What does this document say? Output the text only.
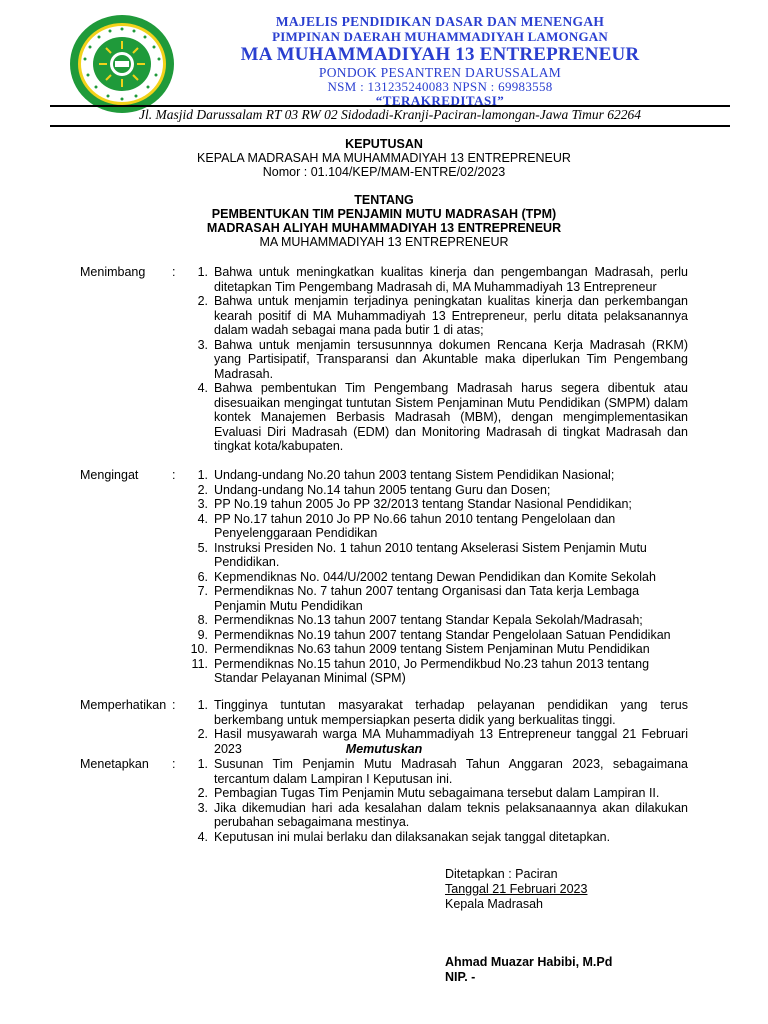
MAJELIS PENDIDIKAN DASAR DAN MENENGAH
PIMPINAN DAERAH MUHAMMADIYAH LAMONGAN
MA MUHAMMADIYAH 13 ENTREPRENEUR
PONDOK PESANTREN DARUSSALAM
NSM : 131235240083 NPSN : 69983558
“TERAKREDITASI”
Jl. Masjid Darussalam RT 03 RW 02 Sidodadi-Kranji-Paciran-lamongan-Jawa Timur 62264
KEPUTUSAN
KEPALA MADRASAH MA MUHAMMADIYAH 13 ENTREPRENEUR
Nomor : 01.104/KEP/MAM-ENTRE/02/2023
TENTANG
PEMBENTUKAN TIM PENJAMIN MUTU MADRASAH (TPM)
MADRASAH ALIYAH MUHAMMADIYAH 13 ENTREPRENEUR
MA MUHAMMADIYAH 13 ENTREPRENEUR
Menimbang :	1. Bahwa untuk meningkatkan kualitas kinerja dan pengembangan Madrasah, perlu ditetapkan Tim Pengembang Madrasah di, MA Muhammadiyah 13 Entrepreneur
2. Bahwa untuk menjamin terjadinya peningkatan kualitas kinerja dan perkembangan kearah positif di MA Muhammadiyah 13 Entrepreneur, perlu ditata pelaksanannya dalam wadah sebagai mana pada butir 1 di atas;
3. Bahwa untuk menjamin tersusunnnya dokumen Rencana Kerja Madrasah (RKM) yang Partisipatif, Transparansi dan Akuntable maka diperlukan Tim Pengembang Madrasah.
4. Bahwa pembentukan Tim Pengembang Madrasah harus segera dibentuk atau disesuaikan mengingat tuntutan Sistem Penjaminan Mutu Pendidikan (SMPM) dalam kontek Manajemen Berbasis Madrasah (MBM), dengan mengimplementasikan Evaluasi Diri Madrasah (EDM) dan Monitoring Madrasah di tingkat Madrasah dan tingkat kota/kabupaten.
Mengingat	:	1. Undang-undang No.20 tahun 2003 tentang Sistem Pendidikan Nasional;
2. Undang-undang No.14 tahun 2005 tentang Guru dan Dosen;
3. PP No.19 tahun 2005 Jo PP 32/2013 tentang Standar Nasional Pendidikan;
4. PP No.17 tahun 2010 Jo PP No.66 tahun 2010 tentang Pengelolaan dan Penyelenggaraan Pendidikan
5. Instruksi Presiden No. 1 tahun 2010 tentang Akselerasi Sistem Penjamin Mutu Pendidikan.
6. Kepmendiknas No. 044/U/2002 tentang Dewan Pendidikan dan Komite Sekolah
7. Permendiknas No. 7 tahun 2007 tentang Organisasi dan Tata kerja Lembaga Penjamin Mutu Pendidikan
8. Permendiknas No.13 tahun 2007 tentang Standar Kepala Sekolah/Madrasah;
9. Permendiknas No.19 tahun 2007 tentang Standar Pengelolaan Satuan Pendidikan
10. Permendiknas No.63 tahun 2009 tentang Sistem Penjaminan Mutu Pendidikan
11. Permendiknas No.15 tahun 2010, Jo Permendikbud No.23 tahun 2013 tentang Standar Pelayanan Minimal (SPM)
Memperhatikan :	1. Tingginya tuntutan masyarakat terhadap pelayanan pendidikan yang terus berkembang untuk mempersiapkan peserta didik yang berkualitas tinggi.
2. Hasil musyawarah warga MA Muhammadiyah 13 Entrepreneur tanggal 21 Februari 2023	Memutuskan
Menetapkan :	1. Susunan Tim Penjamin Mutu Madrasah Tahun Anggaran 2023, sebagaimana tercantum dalam Lampiran I Keputusan ini.
2. Pembagian Tugas Tim Penjamin Mutu sebagaimana tersebut dalam Lampiran II.
3. Jika dikemudian hari ada kesalahan dalam teknis pelaksanaannya akan dilakukan perubahan sebagaimana mestinya.
4. Keputusan ini mulai berlaku dan dilaksanakan sejak tanggal ditetapkan.
Ditetapkan : Paciran
Tanggal 21 Februari 2023
Kepala Madrasah
Ahmad Muazar Habibi, M.Pd
NIP. -
